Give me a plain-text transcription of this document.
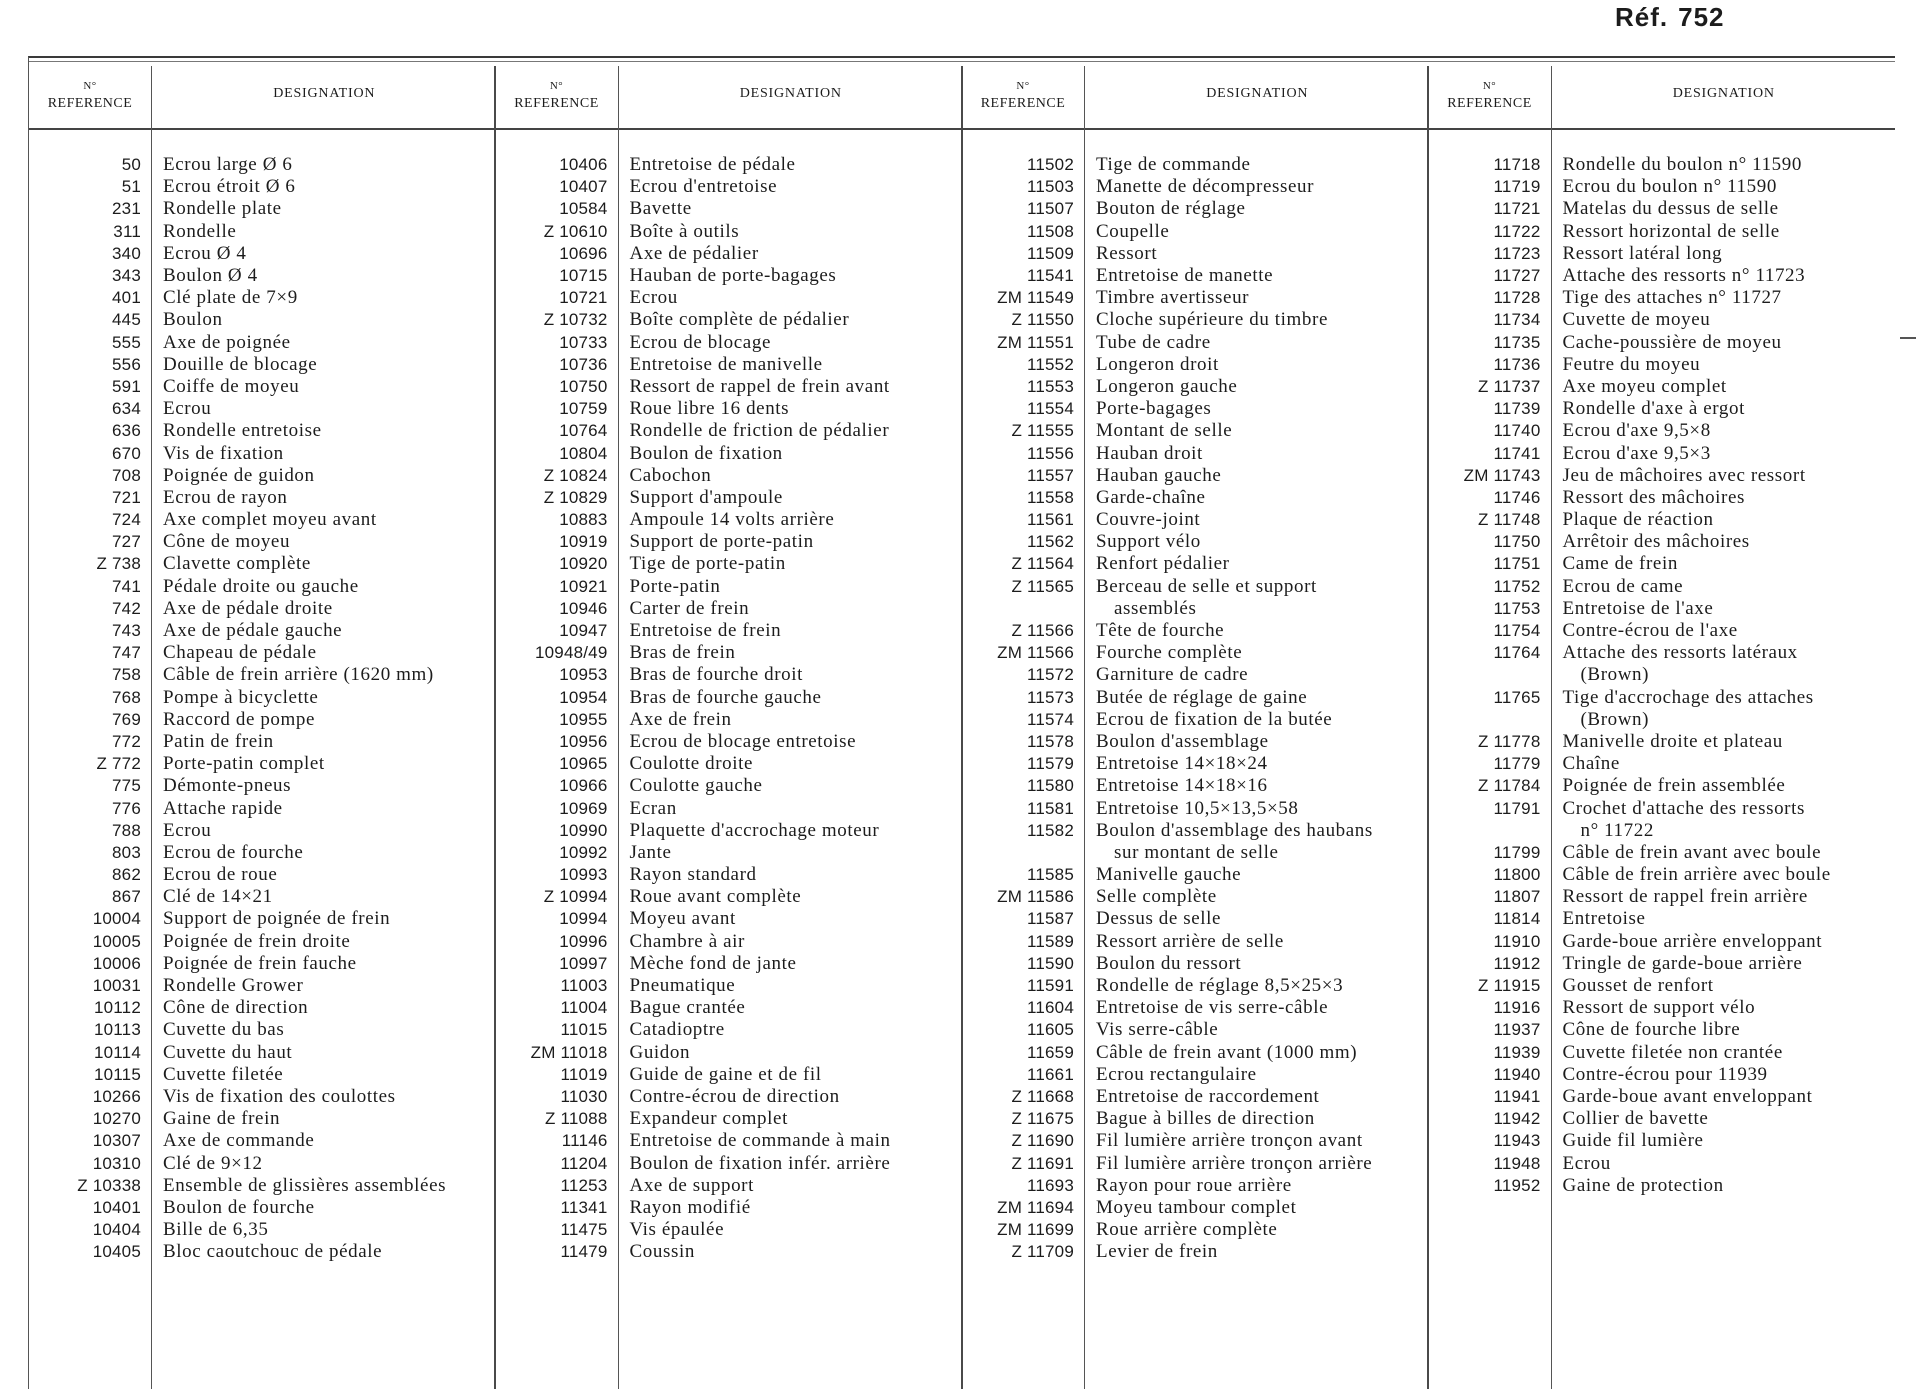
Réf. 752
N°
REFERENCE
DESIGNATION
50	Ecrou large Ø 6
51	Ecrou étroit Ø 6
231	Rondelle plate
311	Rondelle
340	Ecrou Ø 4
343	Boulon Ø 4
401	Clé plate de 7×9
445	Boulon
555	Axe de poignée
556	Douille de blocage
591	Coiffe de moyeu
634	Ecrou
636	Rondelle entretoise
670	Vis de fixation
708	Poignée de guidon
721	Ecrou de rayon
724	Axe complet moyeu avant
727	Cône de moyeu
Z 738	Clavette complète
741	Pédale droite ou gauche
742	Axe de pédale droite
743	Axe de pédale gauche
747	Chapeau de pédale
758	Câble de frein arrière (1620 mm)
768	Pompe à bicyclette
769	Raccord de pompe
772	Patin de frein
Z 772	Porte-patin complet
775	Démonte-pneus
776	Attache rapide
788	Ecrou
803	Ecrou de fourche
862	Ecrou de roue
867	Clé de 14×21
10004	Support de poignée de frein
10005	Poignée de frein droite
10006	Poignée de frein fauche
10031	Rondelle Grower
10112	Cône de direction
10113	Cuvette du bas
10114	Cuvette du haut
10115	Cuvette filetée
10266	Vis de fixation des coulottes
10270	Gaine de frein
10307	Axe de commande
10310	Clé de 9×12
Z 10338	Ensemble de glissières assemblées
10401	Boulon de fourche
10404	Bille de 6,35
10405	Bloc caoutchouc de pédale
N°
REFERENCE
DESIGNATION
10406	Entretoise de pédale
10407	Ecrou d'entretoise
10584	Bavette
Z 10610	Boîte à outils
10696	Axe de pédalier
10715	Hauban de porte-bagages
10721	Ecrou
Z 10732	Boîte complète de pédalier
10733	Ecrou de blocage
10736	Entretoise de manivelle
10750	Ressort de rappel de frein avant
10759	Roue libre 16 dents
10764	Rondelle de friction de pédalier
10804	Boulon de fixation
Z 10824	Cabochon
Z 10829	Support d'ampoule
10883	Ampoule 14 volts arrière
10919	Support de porte-patin
10920	Tige de porte-patin
10921	Porte-patin
10946	Carter de frein
10947	Entretoise de frein
10948/49	Bras de frein
10953	Bras de fourche droit
10954	Bras de fourche gauche
10955	Axe de frein
10956	Ecrou de blocage entretoise
10965	Coulotte droite
10966	Coulotte gauche
10969	Ecran
10990	Plaquette d'accrochage moteur
10992	Jante
10993	Rayon standard
Z 10994	Roue avant complète
10994	Moyeu avant
10996	Chambre à air
10997	Mèche fond de jante
11003	Pneumatique
11004	Bague crantée
11015	Catadioptre
ZM 11018	Guidon
11019	Guide de gaine et de fil
11030	Contre-écrou de direction
Z 11088	Expandeur complet
11146	Entretoise de commande à main
11204	Boulon de fixation infér. arrière
11253	Axe de support
11341	Rayon modifié
11475	Vis épaulée
11479	Coussin
N°
REFERENCE
DESIGNATION
11502	Tige de commande
11503	Manette de décompresseur
11507	Bouton de réglage
11508	Coupelle
11509	Ressort
11541	Entretoise de manette
ZM 11549	Timbre avertisseur
Z 11550	Cloche supérieure du timbre
ZM 11551	Tube de cadre
11552	Longeron droit
11553	Longeron gauche
11554	Porte-bagages
Z 11555	Montant de selle
11556	Hauban droit
11557	Hauban gauche
11558	Garde-chaîne
11561	Couvre-joint
11562	Support vélo
Z 11564	Renfort pédalier
Z 11565	Berceau de selle et support
assemblés
Z 11566	Tête de fourche
ZM 11566	Fourche complète
11572	Garniture de cadre
11573	Butée de réglage de gaine
11574	Ecrou de fixation de la butée
11578	Boulon d'assemblage
11579	Entretoise 14×18×24
11580	Entretoise 14×18×16
11581	Entretoise 10,5×13,5×58
11582	Boulon d'assemblage des haubans
sur montant de selle
11585	Manivelle gauche
ZM 11586	Selle complète
11587	Dessus de selle
11589	Ressort arrière de selle
11590	Boulon du ressort
11591	Rondelle de réglage 8,5×25×3
11604	Entretoise de vis serre-câble
11605	Vis serre-câble
11659	Câble de frein avant (1000 mm)
11661	Ecrou rectangulaire
Z 11668	Entretoise de raccordement
Z 11675	Bague à billes de direction
Z 11690	Fil lumière arrière tronçon avant
Z 11691	Fil lumière arrière tronçon arrière
11693	Rayon pour roue arrière
ZM 11694	Moyeu tambour complet
ZM 11699	Roue arrière complète
Z 11709	Levier de frein
N°
REFERENCE
DESIGNATION
11718	Rondelle du boulon n° 11590
11719	Ecrou du boulon n° 11590
11721	Matelas du dessus de selle
11722	Ressort horizontal de selle
11723	Ressort latéral long
11727	Attache des ressorts n° 11723
11728	Tige des attaches n° 11727
11734	Cuvette de moyeu
11735	Cache-poussière de moyeu
11736	Feutre du moyeu
Z 11737	Axe moyeu complet
11739	Rondelle d'axe à ergot
11740	Ecrou d'axe 9,5×8
11741	Ecrou d'axe 9,5×3
ZM 11743	Jeu de mâchoires avec ressort
11746	Ressort des mâchoires
Z 11748	Plaque de réaction
11750	Arrêtoir des mâchoires
11751	Came de frein
11752	Ecrou de came
11753	Entretoise de l'axe
11754	Contre-écrou de l'axe
11764	Attache des ressorts latéraux
(Brown)
11765	Tige d'accrochage des attaches
(Brown)
Z 11778	Manivelle droite et plateau
11779	Chaîne
Z 11784	Poignée de frein assemblée
11791	Crochet d'attache des ressorts
n° 11722
11799	Câble de frein avant avec boule
11800	Câble de frein arrière avec boule
11807	Ressort de rappel frein arrière
11814	Entretoise
11910	Garde-boue arrière enveloppant
11912	Tringle de garde-boue arrière
Z 11915	Gousset de renfort
11916	Ressort de support vélo
11937	Cône de fourche libre
11939	Cuvette filetée non crantée
11940	Contre-écrou pour 11939
11941	Garde-boue avant enveloppant
11942	Collier de bavette
11943	Guide fil lumière
11948	Ecrou
11952	Gaine de protection
